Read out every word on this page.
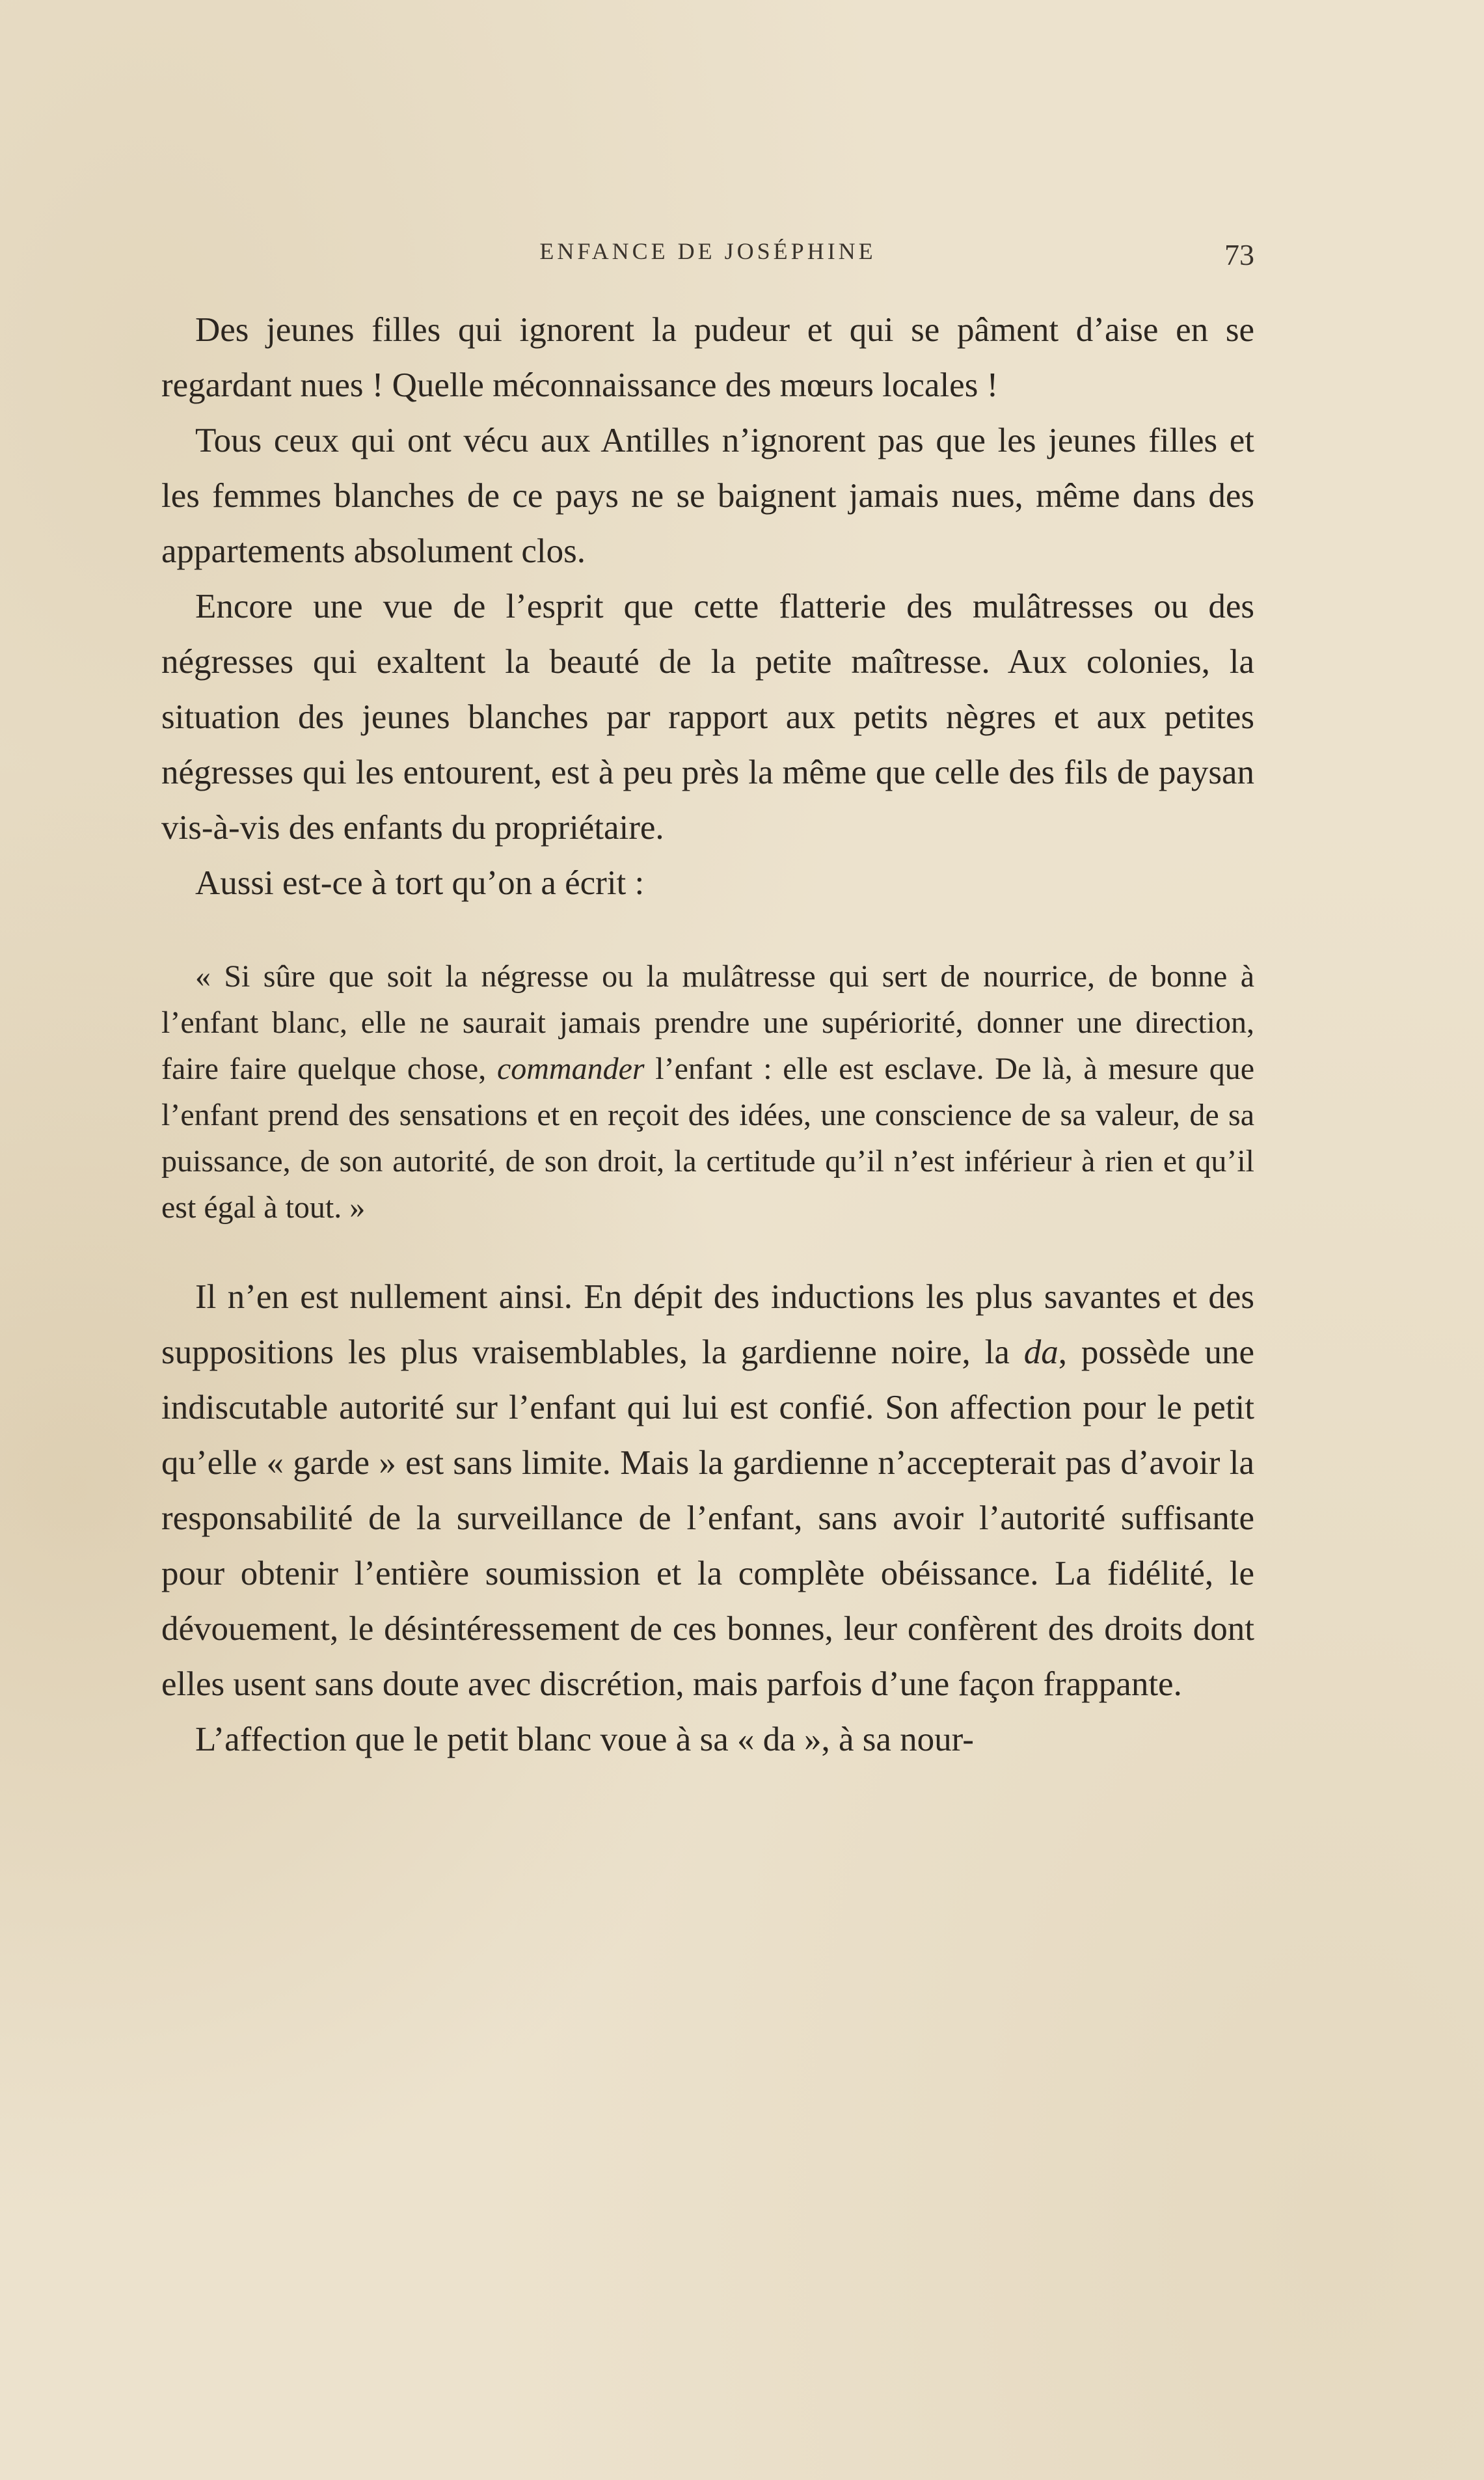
ENFANCE DE JOSÉPHINE	73

Des jeunes filles qui ignorent la pudeur et qui se pâment d’aise en se regardant nues ! Quelle méconnaissance des mœurs locales !

Tous ceux qui ont vécu aux Antilles n’ignorent pas que les jeunes filles et les femmes blanches de ce pays ne se baignent jamais nues, même dans des appartements absolument clos.

Encore une vue de l’esprit que cette flatterie des mulâtresses ou des négresses qui exaltent la beauté de la petite maîtresse. Aux colonies, la situation des jeunes blanches par rapport aux petits nègres et aux petites négresses qui les entourent, est à peu près la même que celle des fils de paysan vis-à-vis des enfants du propriétaire.

Aussi est-ce à tort qu’on a écrit :

« Si sûre que soit la négresse ou la mulâtresse qui sert de nourrice, de bonne à l’enfant blanc, elle ne saurait jamais prendre une supériorité, donner une direction, faire faire quelque chose, commander l’enfant : elle est esclave. De là, à mesure que l’enfant prend des sensations et en reçoit des idées, une conscience de sa valeur, de sa puissance, de son autorité, de son droit, la certitude qu’il n’est inférieur à rien et qu’il est égal à tout. »

Il n’en est nullement ainsi. En dépit des inductions les plus savantes et des suppositions les plus vraisemblables, la gardienne noire, la da, possède une indiscutable autorité sur l’enfant qui lui est confié. Son affection pour le petit qu’elle « garde » est sans limite. Mais la gardienne n’accepterait pas d’avoir la responsabilité de la surveillance de l’enfant, sans avoir l’autorité suffisante pour obtenir l’entière soumission et la complète obéissance. La fidélité, le dévouement, le désintéressement de ces bonnes, leur confèrent des droits dont elles usent sans doute avec discrétion, mais parfois d’une façon frappante.

L’affection que le petit blanc voue à sa « da », à sa nour-
